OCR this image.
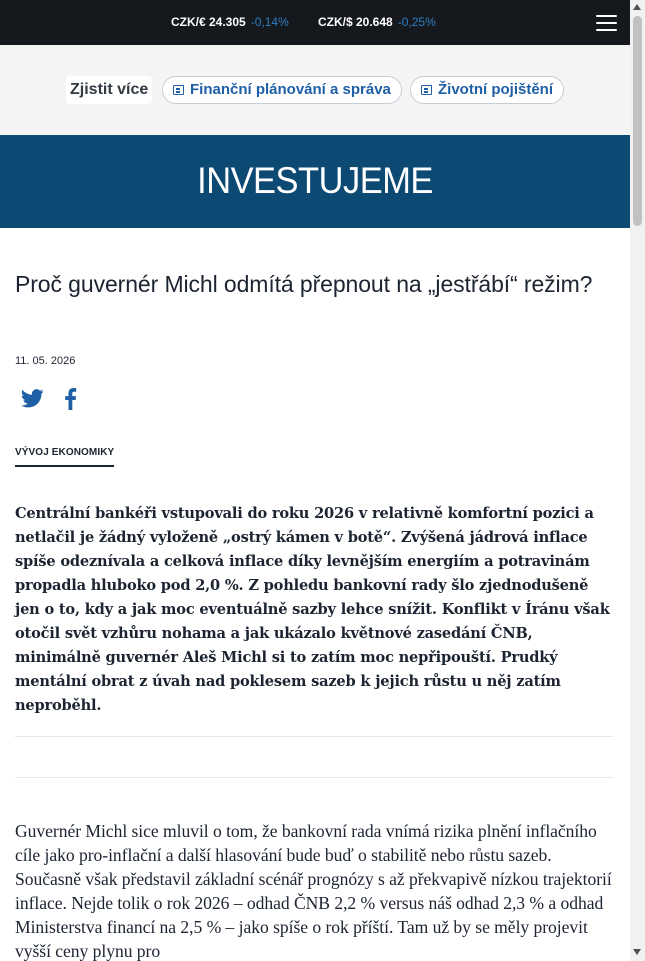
CZK/€ 24.305 -0,14% CZK/$ 20.648 -0,25%
Zjistit více	Finanční plánování a správa	Životní pojištění
INVESTUJEME
Proč guvernér Michl odmítá přepnout na „jestřábí“ režim?
11. 05. 2026
VÝVOJ EKONOMIKY

Centrální bankéři vstupovali do roku 2026 v relativně komfortní pozici a netlačil je žádný vyloženě „ostrý kámen v botě“. Zvýšená jádrová inflace spíše odeznívala a celková inflace díky levnějším energiím a potravinám propadla hluboko pod 2,0 %. Z pohledu bankovní rady šlo zjednodušeně jen o to, kdy a jak moc eventuálně sazby lehce snížit. Konflikt v Íránu však otočil svět vzhůru nohama a jak ukázalo květnové zasedání ČNB, minimálně guvernér Aleš Michl si to zatím moc nepřipouští. Prudký mentální obrat z úvah nad poklesem sazeb k jejich růstu u něj zatím neproběhl.

Guvernér Michl sice mluvil o tom, že bankovní rada vnímá rizika plnění inflačního cíle jako pro-inflační a další hlasování bude buď o stabilitě nebo růstu sazeb. Současně však představil základní scénář prognózy s až překvapivě nízkou trajektorií inflace. Nejde tolik o rok 2026 – odhad ČNB 2,2 % versus náš odhad 2,3 % a odhad Ministerstva financí na 2,5 % – jako spíše o rok příští. Tam už by se měly projevit vyšší ceny plynu pro
